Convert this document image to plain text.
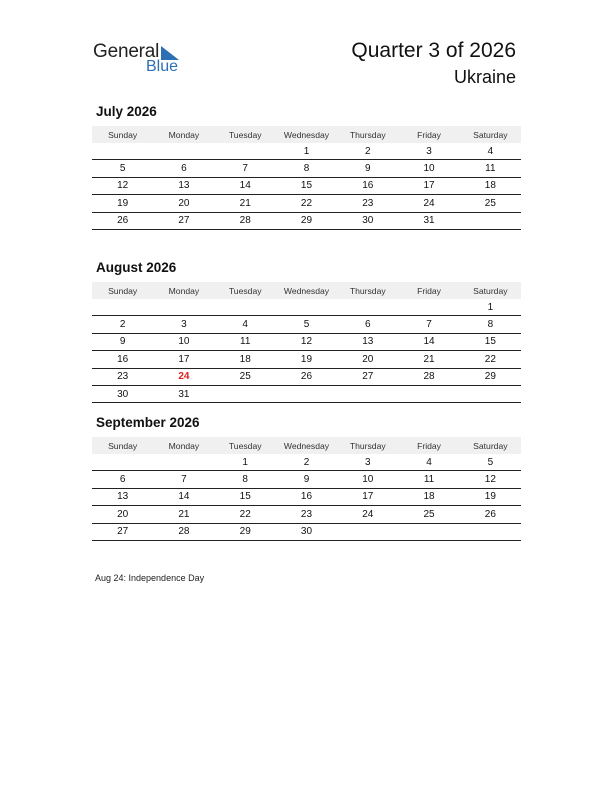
General
Blue
Quarter 3 of 2026
Ukraine
July 2026
Sunday	Monday	Tuesday	Wednesday	Thursday	Friday	Saturday
			1	2	3	4
5	6	7	8	9	10	11
12	13	14	15	16	17	18
19	20	21	22	23	24	25
26	27	28	29	30	31	
August 2026
Sunday	Monday	Tuesday	Wednesday	Thursday	Friday	Saturday
						1
2	3	4	5	6	7	8
9	10	11	12	13	14	15
16	17	18	19	20	21	22
23	24	25	26	27	28	29
30	31					
September 2026
Sunday	Monday	Tuesday	Wednesday	Thursday	Friday	Saturday
		1	2	3	4	5
6	7	8	9	10	11	12
13	14	15	16	17	18	19
20	21	22	23	24	25	26
27	28	29	30			
Aug 24: Independence Day
